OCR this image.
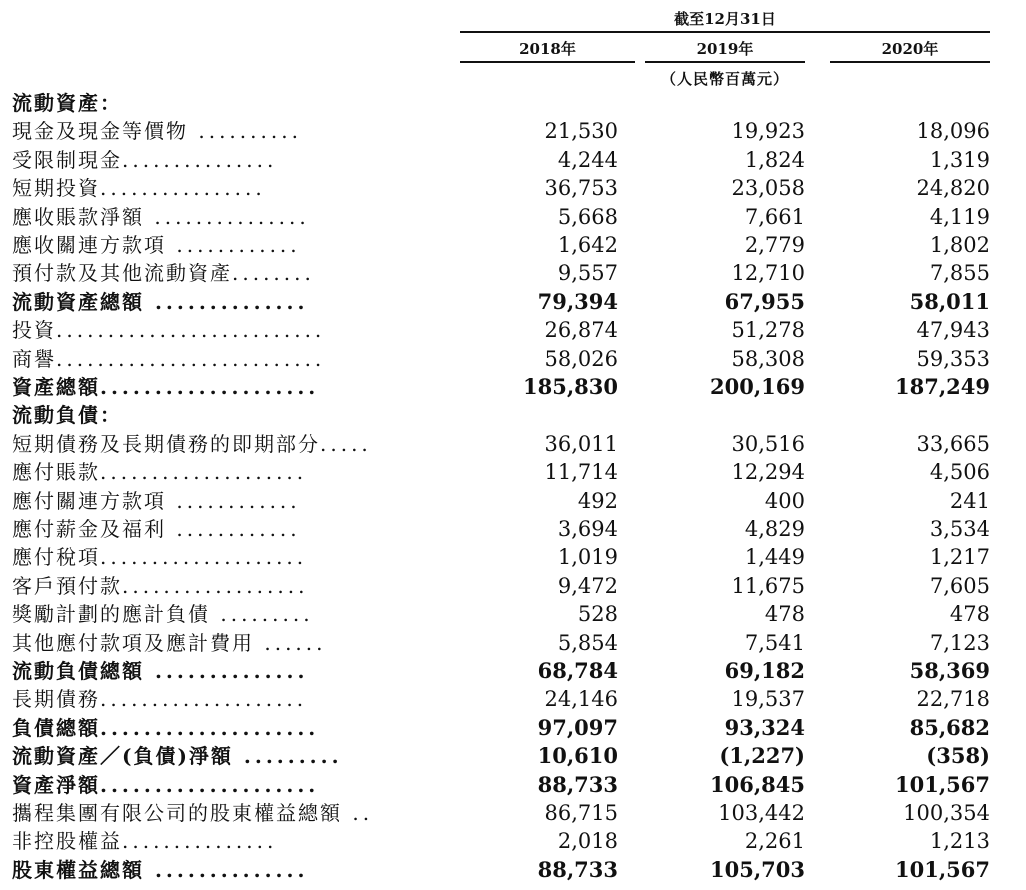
截至12月31日
2018年	2019年	2020年
（人民幣百萬元）
流動資產：
現金及現金等價物 ..........	21,530	19,923	18,096
受限制現金...............	4,244	1,824	1,319
短期投資................	36,753	23,058	24,820
應收賬款淨額 ...............	5,668	7,661	4,119
應收關連方款項 ............	1,642	2,779	1,802
預付款及其他流動資產........	9,557	12,710	7,855
流動資產總額 ..............	79,394	67,955	58,011
投資..........................	26,874	51,278	47,943
商譽..........................	58,026	58,308	59,353
資產總額....................	185,830	200,169	187,249
流動負債：
短期債務及長期債務的即期部分.....	36,011	30,516	33,665
應付賬款....................	11,714	12,294	4,506
應付關連方款項 ............	492	400	241
應付薪金及福利 ............	3,694	4,829	3,534
應付稅項....................	1,019	1,449	1,217
客戶預付款..................	9,472	11,675	7,605
獎勵計劃的應計負債 .........	528	478	478
其他應付款項及應計費用 ......	5,854	7,541	7,123
流動負債總額 ..............	68,784	69,182	58,369
長期債務....................	24,146	19,537	22,718
負債總額....................	97,097	93,324	85,682
流動資產／(負債)淨額 .........	10,610	(1,227)	(358)
資產淨額....................	88,733	106,845	101,567
攜程集團有限公司的股東權益總額 ..	86,715	103,442	100,354
非控股權益...............	2,018	2,261	1,213
股東權益總額 ..............	88,733	105,703	101,567
